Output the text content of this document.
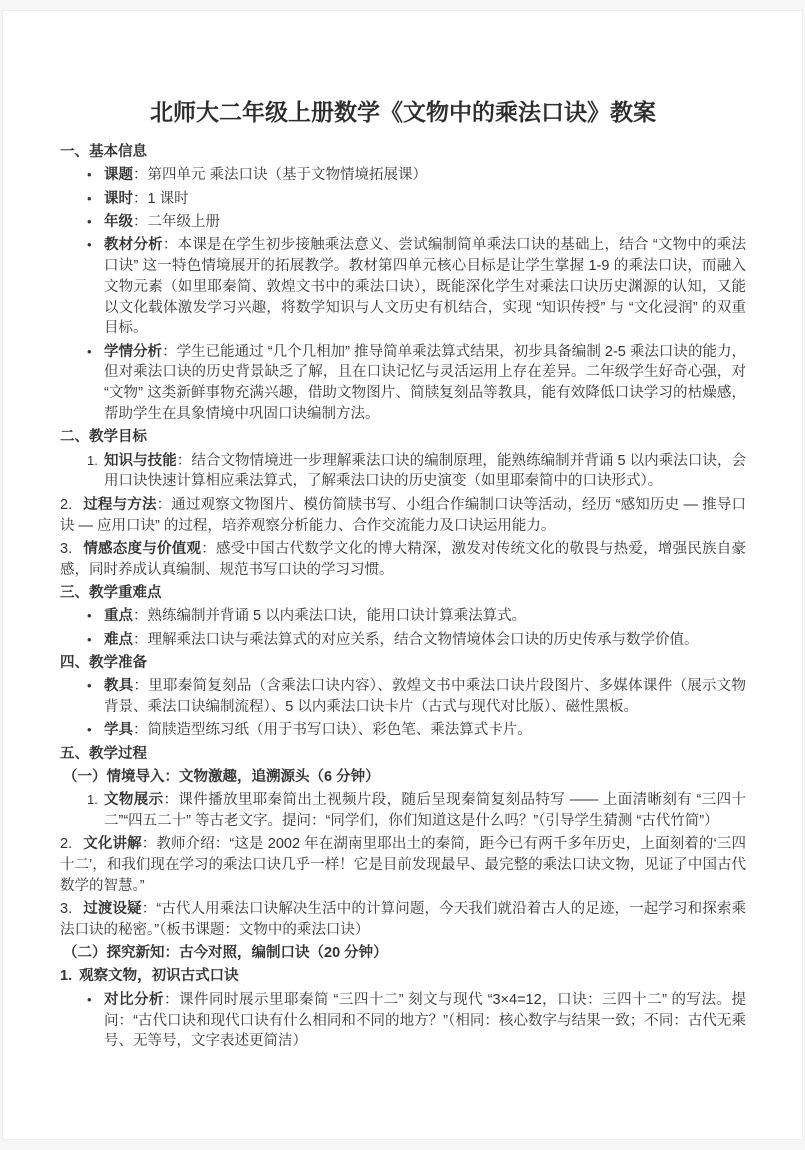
北师大二年级上册数学《文物中的乘法口诀》教案
一、基本信息
• 课题：第四单元 乘法口诀（基于文物情境拓展课）
• 课时：1 课时
• 年级：二年级上册
• 教材分析：本课是在学生初步接触乘法意义、尝试编制简单乘法口诀的基础上，结合 “文物中的乘法口诀” 这一特色情境展开的拓展教学。教材第四单元核心目标是让学生掌握 1-9 的乘法口诀，而融入文物元素（如里耶秦简、敦煌文书中的乘法口诀），既能深化学生对乘法口诀历史渊源的认知，又能以文化载体激发学习兴趣，将数学知识与人文历史有机结合，实现 “知识传授” 与 “文化浸润” 的双重目标。
• 学情分析：学生已能通过 “几个几相加” 推导简单乘法算式结果，初步具备编制 2-5 乘法口诀的能力，但对乘法口诀的历史背景缺乏了解，且在口诀记忆与灵活运用上存在差异。二年级学生好奇心强，对 “文物” 这类新鲜事物充满兴趣，借助文物图片、简牍复刻品等教具，能有效降低口诀学习的枯燥感，帮助学生在具象情境中巩固口诀编制方法。
二、教学目标
1. 知识与技能：结合文物情境进一步理解乘法口诀的编制原理，能熟练编制并背诵 5 以内乘法口诀，会用口诀快速计算相应乘法算式，了解乘法口诀的历史演变（如里耶秦简中的口诀形式）。

2. 过程与方法：通过观察文物图片、模仿简牍书写、小组合作编制口诀等活动，经历 “感知历史 — 推导口诀 — 应用口诀” 的过程，培养观察分析能力、合作交流能力及口诀运用能力。

3. 情感态度与价值观：感受中国古代数学文化的博大精深，激发对传统文化的敬畏与热爱，增强民族自豪感，同时养成认真编制、规范书写口诀的学习习惯。

三、教学重难点
• 重点：熟练编制并背诵 5 以内乘法口诀，能用口诀计算乘法算式。
• 难点：理解乘法口诀与乘法算式的对应关系，结合文物情境体会口诀的历史传承与数学价值。
四、教学准备
• 教具：里耶秦简复刻品（含乘法口诀内容）、敦煌文书中乘法口诀片段图片、多媒体课件（展示文物背景、乘法口诀编制流程）、5 以内乘法口诀卡片（古式与现代对比版）、磁性黑板。
• 学具：简牍造型练习纸（用于书写口诀）、彩色笔、乘法算式卡片。
五、教学过程
（一）情境导入：文物激趣，追溯源头（6 分钟）
1. 文物展示：课件播放里耶秦简出土视频片段，随后呈现秦简复刻品特写 —— 上面清晰刻有 “三四十二”“四五二十” 等古老文字。提问：“同学们，你们知道这是什么吗？”（引导学生猜测 “古代竹简”）

2. 文化讲解：教师介绍：“这是 2002 年在湖南里耶出土的秦简，距今已有两千多年历史，上面刻着的‘三四十二’，和我们现在学习的乘法口诀几乎一样！它是目前发现最早、最完整的乘法口诀文物，见证了中国古代数学的智慧。”

3. 过渡设疑：“古代人用乘法口诀解决生活中的计算问题，今天我们就沿着古人的足迹，一起学习和探索乘法口诀的秘密。”（板书课题：文物中的乘法口诀）

（二）探究新知：古今对照，编制口诀（20 分钟）
1. 观察文物，初识古式口诀
• 对比分析：课件同时展示里耶秦简 “三四十二” 刻文与现代 “3×4=12，口诀：三四十二” 的写法。提问：“古代口诀和现代口诀有什么相同和不同的地方？”（相同：核心数字与结果一致；不同：古代无乘号、无等号，文字表述更简洁）
